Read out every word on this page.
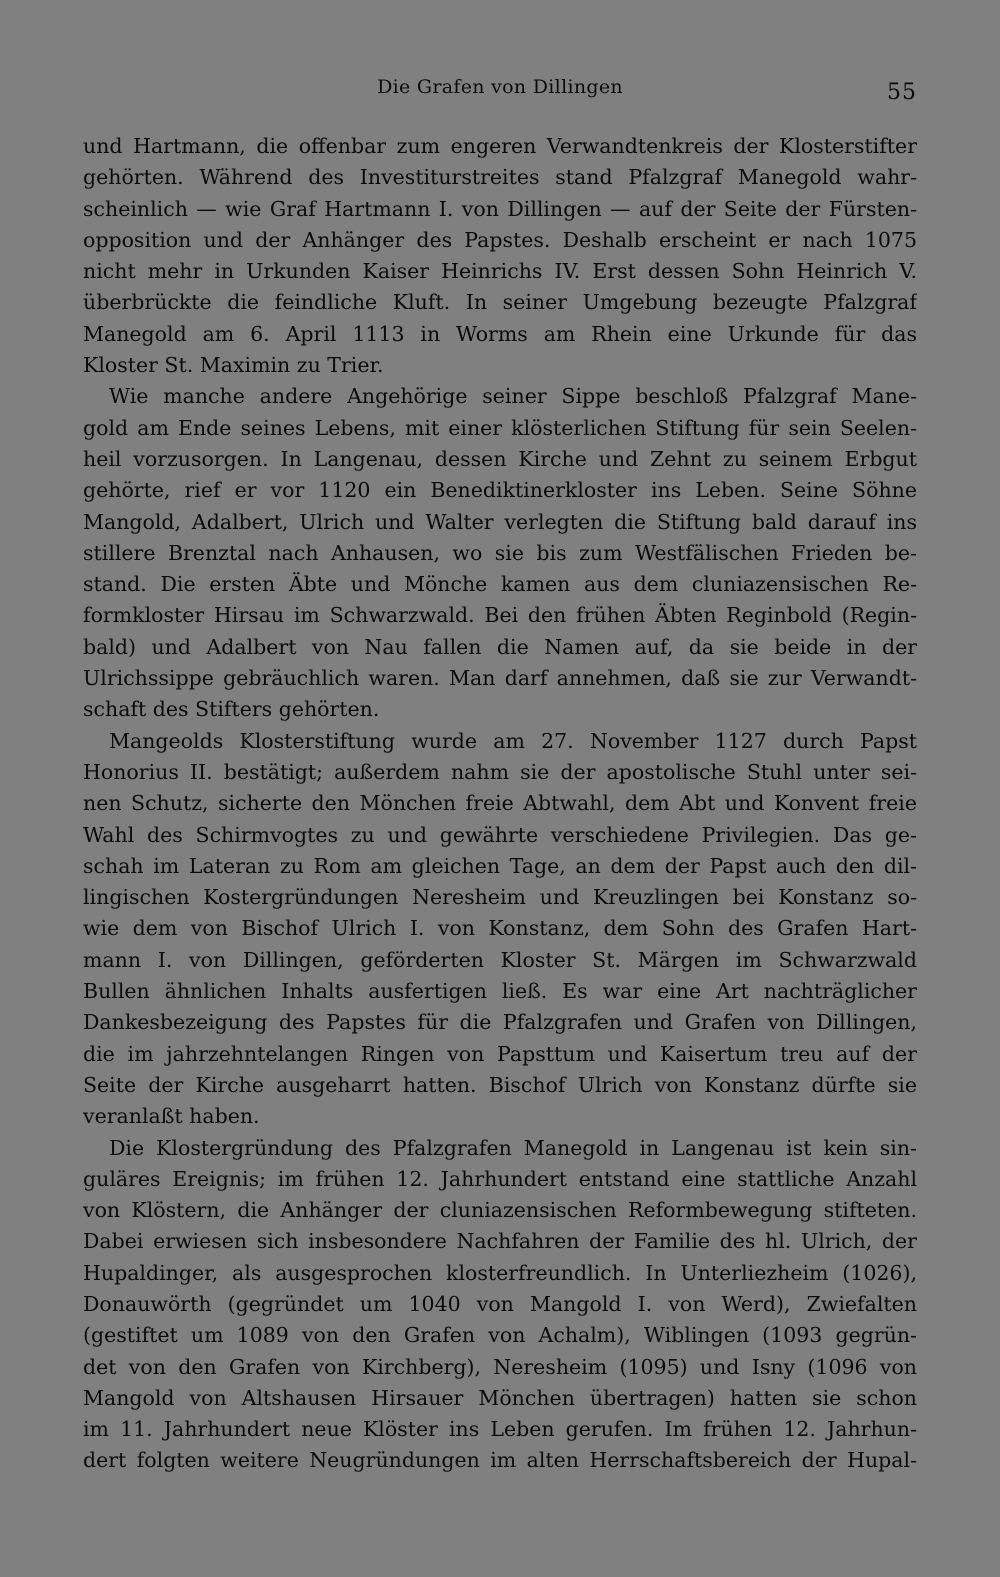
Die Grafen von Dillingen	55
und Hartmann, die offenbar zum engeren Verwandtenkreis der Klosterstifter
gehörten. Während des Investiturstreites stand Pfalzgraf Manegold wahr-
scheinlich — wie Graf Hartmann I. von Dillingen — auf der Seite der Fürsten-
opposition und der Anhänger des Papstes. Deshalb erscheint er nach 1075
nicht mehr in Urkunden Kaiser Heinrichs IV. Erst dessen Sohn Heinrich V.
überbrückte die feindliche Kluft. In seiner Umgebung bezeugte Pfalzgraf
Manegold am 6. April 1113 in Worms am Rhein eine Urkunde für das
Kloster St. Maximin zu Trier.
Wie manche andere Angehörige seiner Sippe beschloß Pfalzgraf Mane-
gold am Ende seines Lebens, mit einer klösterlichen Stiftung für sein Seelen-
heil vorzusorgen. In Langenau, dessen Kirche und Zehnt zu seinem Erbgut
gehörte, rief er vor 1120 ein Benediktinerkloster ins Leben. Seine Söhne
Mangold, Adalbert, Ulrich und Walter verlegten die Stiftung bald darauf ins
stillere Brenztal nach Anhausen, wo sie bis zum Westfälischen Frieden be-
stand. Die ersten Äbte und Mönche kamen aus dem cluniazensischen Re-
formkloster Hirsau im Schwarzwald. Bei den frühen Äbten Reginbold (Regin-
bald) und Adalbert von Nau fallen die Namen auf, da sie beide in der
Ulrichssippe gebräuchlich waren. Man darf annehmen, daß sie zur Verwandt-
schaft des Stifters gehörten.
Mangeolds Klosterstiftung wurde am 27. November 1127 durch Papst
Honorius II. bestätigt; außerdem nahm sie der apostolische Stuhl unter sei-
nen Schutz, sicherte den Mönchen freie Abtwahl, dem Abt und Konvent freie
Wahl des Schirmvogtes zu und gewährte verschiedene Privilegien. Das ge-
schah im Lateran zu Rom am gleichen Tage, an dem der Papst auch den dil-
lingischen Kostergründungen Neresheim und Kreuzlingen bei Konstanz so-
wie dem von Bischof Ulrich I. von Konstanz, dem Sohn des Grafen Hart-
mann I. von Dillingen, geförderten Kloster St. Märgen im Schwarzwald
Bullen ähnlichen Inhalts ausfertigen ließ. Es war eine Art nachträglicher
Dankesbezeigung des Papstes für die Pfalzgrafen und Grafen von Dillingen,
die im jahrzehntelangen Ringen von Papsttum und Kaisertum treu auf der
Seite der Kirche ausgeharrt hatten. Bischof Ulrich von Konstanz dürfte sie
veranlaßt haben.
Die Klostergründung des Pfalzgrafen Manegold in Langenau ist kein sin-
guläres Ereignis; im frühen 12. Jahrhundert entstand eine stattliche Anzahl
von Klöstern, die Anhänger der cluniazensischen Reformbewegung stifteten.
Dabei erwiesen sich insbesondere Nachfahren der Familie des hl. Ulrich, der
Hupaldinger, als ausgesprochen klosterfreundlich. In Unterliezheim (1026),
Donauwörth (gegründet um 1040 von Mangold I. von Werd), Zwiefalten
(gestiftet um 1089 von den Grafen von Achalm), Wiblingen (1093 gegrün-
det von den Grafen von Kirchberg), Neresheim (1095) und Isny (1096 von
Mangold von Altshausen Hirsauer Mönchen übertragen) hatten sie schon
im 11. Jahrhundert neue Klöster ins Leben gerufen. Im frühen 12. Jahrhun-
dert folgten weitere Neugründungen im alten Herrschaftsbereich der Hupal-
